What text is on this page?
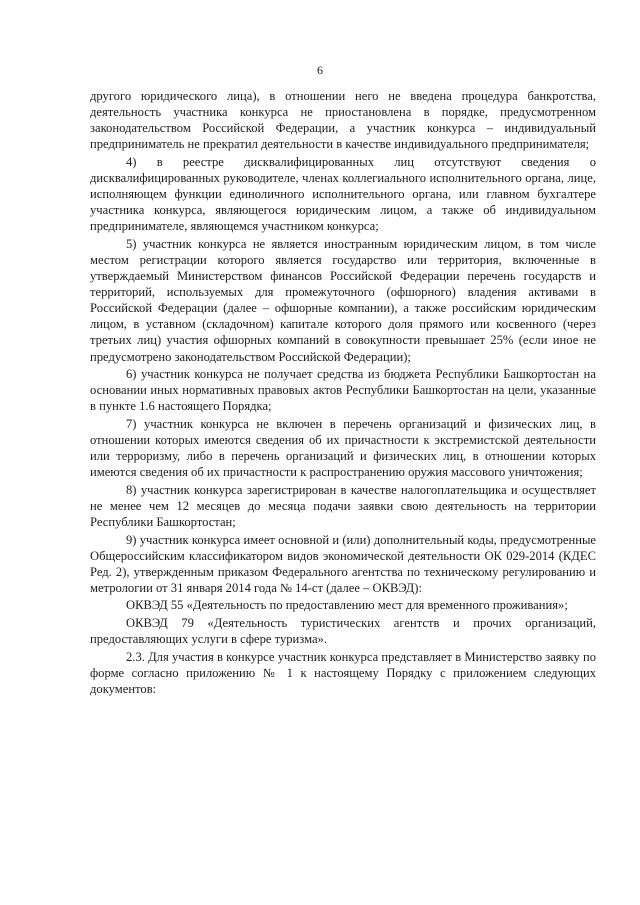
6

другого юридического лица), в отношении него не введена процедура банкротства, деятельность участника конкурса не приостановлена в порядке, предусмотренном законодательством Российской Федерации, а участник конкурса – индивидуальный предприниматель не прекратил деятельности в качестве индивидуального предпринимателя;

4) в реестре дисквалифицированных лиц отсутствуют сведения о дисквалифицированных руководителе, членах коллегиального исполнительного органа, лице, исполняющем функции единоличного исполнительного органа, или главном бухгалтере участника конкурса, являющегося юридическим лицом, а также об индивидуальном предпринимателе, являющемся участником конкурса;

5) участник конкурса не является иностранным юридическим лицом, в том числе местом регистрации которого является государство или территория, включенные в утверждаемый Министерством финансов Российской Федерации перечень государств и территорий, используемых для промежуточного (офшорного) владения активами в Российской Федерации (далее – офшорные компании), а также российским юридическим лицом, в уставном (складочном) капитале которого доля прямого или косвенного (через третьих лиц) участия офшорных компаний в совокупности превышает 25% (если иное не предусмотрено законодательством Российской Федерации);

6) участник конкурса не получает средства из бюджета Республики Башкортостан на основании иных нормативных правовых актов Республики Башкортостан на цели, указанные в пункте 1.6 настоящего Порядка;

7) участник конкурса не включен в перечень организаций и физических лиц, в отношении которых имеются сведения об их причастности к экстремистской деятельности или терроризму, либо в перечень организаций и физических лиц, в отношении которых имеются сведения об их причастности к распространению оружия массового уничтожения;

8) участник конкурса зарегистрирован в качестве налогоплательщика и осуществляет не менее чем 12 месяцев до месяца подачи заявки свою деятельность на территории Республики Башкортостан;

9) участник конкурса имеет основной и (или) дополнительный коды, предусмотренные Общероссийским классификатором видов экономической деятельности ОК 029-2014 (КДЕС Ред. 2), утвержденным приказом Федерального агентства по техническому регулированию и метрологии от 31 января 2014 года № 14-ст (далее – ОКВЭД):

ОКВЭД 55 «Деятельность по предоставлению мест для временного проживания»;

ОКВЭД 79 «Деятельность туристических агентств и прочих организаций, предоставляющих услуги в сфере туризма».

2.3. Для участия в конкурсе участник конкурса представляет в Министерство заявку по форме согласно приложению № 1 к настоящему Порядку с приложением следующих документов:
